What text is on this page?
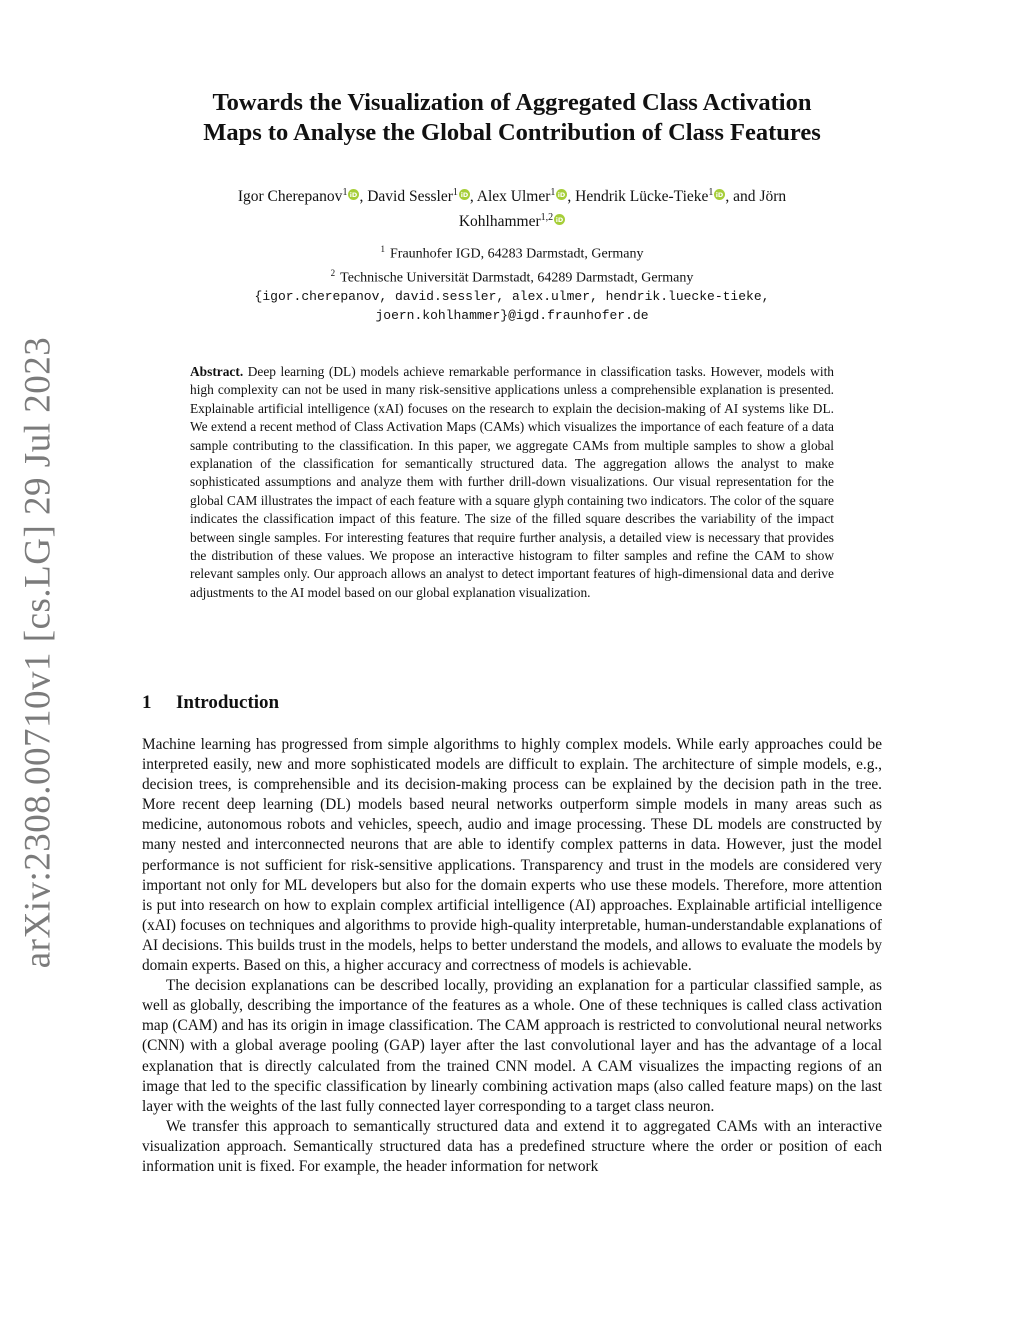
arXiv:2308.00710v1 [cs.LG] 29 Jul 2023
Towards the Visualization of Aggregated Class Activation
Maps to Analyse the Global Contribution of Class Features
Igor Cherepanov$^1$ iD , David Sessler$^1$ iD , Alex Ulmer$^1$ iD , Hendrik Lücke-Tieke$^1$ iD , and Jörn
Kohlhammer$^{1,2}$ iD
$^1$ Fraunhofer IGD, 64283 Darmstadt, Germany
$^2$ Technische Universität Darmstadt, 64289 Darmstadt, Germany
{igor.cherepanov, david.sessler, alex.ulmer, hendrik.luecke-tieke,
joern.kohlhammer}@igd.fraunhofer.de
Abstract. Deep learning (DL) models achieve remarkable performance in classification tasks. However, models with high complexity can not be used in many risk-sensitive applications unless a comprehensible explanation is presented. Explainable artificial intelligence (xAI) focuses on the research to explain the decision-making of AI systems like DL. We extend a recent method of Class Activation Maps (CAMs) which visualizes the importance of each feature of a data sample contributing to the classification. In this paper, we aggregate CAMs from multiple samples to show a global explanation of the classification for semantically structured data. The aggregation allows the analyst to make sophisticated assumptions and analyze them with further drill-down visualizations. Our visual representation for the global CAM illustrates the impact of each feature with a square glyph containing two indicators. The color of the square indicates the classification impact of this feature. The size of the filled square describes the variability of the impact between single samples. For interesting features that require further analysis, a detailed view is necessary that provides the distribution of these values. We propose an interactive histogram to filter samples and refine the CAM to show relevant samples only. Our approach allows an analyst to detect important features of high-dimensional data and derive adjustments to the AI model based on our global explanation visualization.
1 Introduction

Machine learning has progressed from simple algorithms to highly complex models. While early approaches could be interpreted easily, new and more sophisticated models are difficult to explain. The architecture of simple models, e.g., decision trees, is comprehensible and its decision-making process can be explained by the decision path in the tree. More recent deep learning (DL) models based neural networks outperform simple models in many areas such as medicine, autonomous robots and vehicles, speech, audio and image processing. These DL models are constructed by many nested and interconnected neurons that are able to identify complex patterns in data. However, just the model performance is not sufficient for risk-sensitive applications. Transparency and trust in the models are considered very important not only for ML developers but also for the domain experts who use these models. Therefore, more attention is put into research on how to explain complex artificial intelligence (AI) approaches. Explainable artificial intelligence (xAI) focuses on techniques and algorithms to provide high-quality interpretable, human-understandable explanations of AI decisions. This builds trust in the models, helps to better understand the models, and allows to evaluate the models by domain experts. Based on this, a higher accuracy and correctness of models is achievable.

The decision explanations can be described locally, providing an explanation for a particular classified sample, as well as globally, describing the importance of the features as a whole. One of these techniques is called class activation map (CAM) and has its origin in image classification. The CAM approach is restricted to convolutional neural networks (CNN) with a global average pooling (GAP) layer after the last convolutional layer and has the advantage of a local explanation that is directly calculated from the trained CNN model. A CAM visualizes the impacting regions of an image that led to the specific classification by linearly combining activation maps (also called feature maps) on the last layer with the weights of the last fully connected layer corresponding to a target class neuron.

We transfer this approach to semantically structured data and extend it to aggregated CAMs with an interactive visualization approach. Semantically structured data has a predefined structure where the order or position of each information unit is fixed. For example, the header information for network
